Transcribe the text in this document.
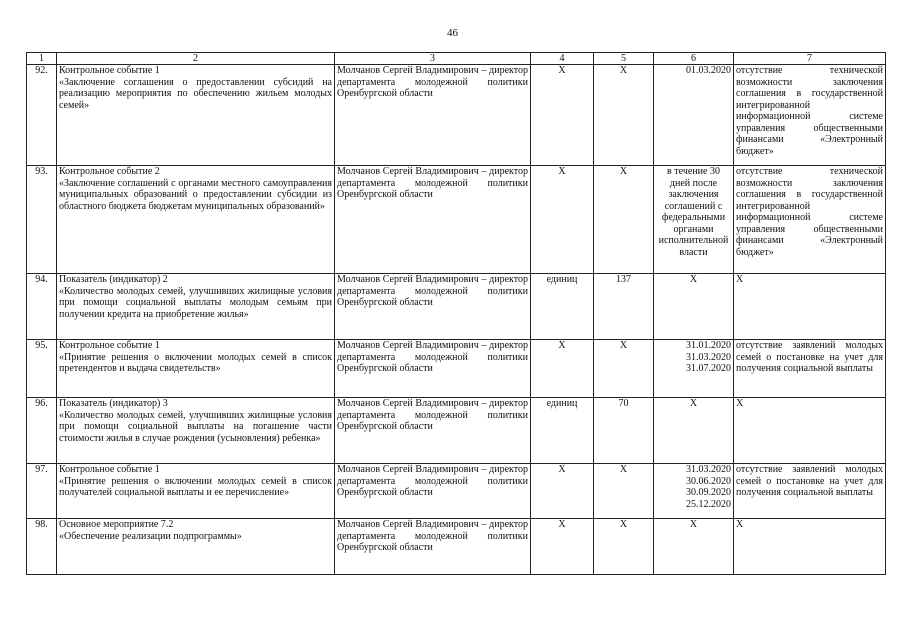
46
1	2	3	4	5	6	7
92.	Контрольное событие 1
«Заключение соглашения о предоставлении субсидий на реализацию мероприятия по обеспечению жильем молодых семей»	Молчанов Сергей Владимирович – директор департамента молодежной политики Оренбургской области	X	X	01.03.2020	отсутствие технической возможности заключения соглашения в государственной интегрированной информационной системе управления общественными финансами «Электронный бюджет»
93.	Контрольное событие 2
«Заключение соглашений с органами местного самоуправления муниципальных образований о предоставлении субсидии из областного бюджета бюджетам муниципальных образований»	Молчанов Сергей Владимирович – директор департамента молодежной политики Оренбургской области	X	X	в течение 30 дней после заключения соглашений с федеральными органами исполнительной власти	отсутствие технической возможности заключения соглашения в государственной интегрированной информационной системе управления общественными финансами «Электронный бюджет»
94.	Показатель (индикатор) 2
«Количество молодых семей, улучшивших жилищные условия при помощи социальной выплаты молодым семьям при получении кредита на приобретение жилья»	Молчанов Сергей Владимирович – директор департамента молодежной политики Оренбургской области	единиц	137	X	X
95.	Контрольное событие 1
«Принятие решения о включении молодых семей в список претендентов и выдача свидетельств»	Молчанов Сергей Владимирович – директор департамента молодежной политики Оренбургской области	X	X	31.01.2020
31.03.2020
31.07.2020	отсутствие заявлений молодых семей о постановке на учет для получения социальной выплаты
96.	Показатель (индикатор) 3
«Количество молодых семей, улучшивших жилищные условия при помощи социальной выплаты на погашение части стоимости жилья в случае рождения (усыновления) ребенка»	Молчанов Сергей Владимирович – директор департамента молодежной политики Оренбургской области	единиц	70	X	X
97.	Контрольное событие 1
«Принятие решения о включении молодых семей в список получателей социальной выплаты и ее перечисление»	Молчанов Сергей Владимирович – директор департамента молодежной политики Оренбургской области	X	X	31.03.2020
30.06.2020
30.09.2020
25.12.2020	отсутствие заявлений молодых семей о постановке на учет для получения социальной выплаты
98.	Основное мероприятие 7.2
«Обеспечение реализации подпрограммы»	Молчанов Сергей Владимирович – директор департамента молодежной политики Оренбургской области	X	X	X	X
